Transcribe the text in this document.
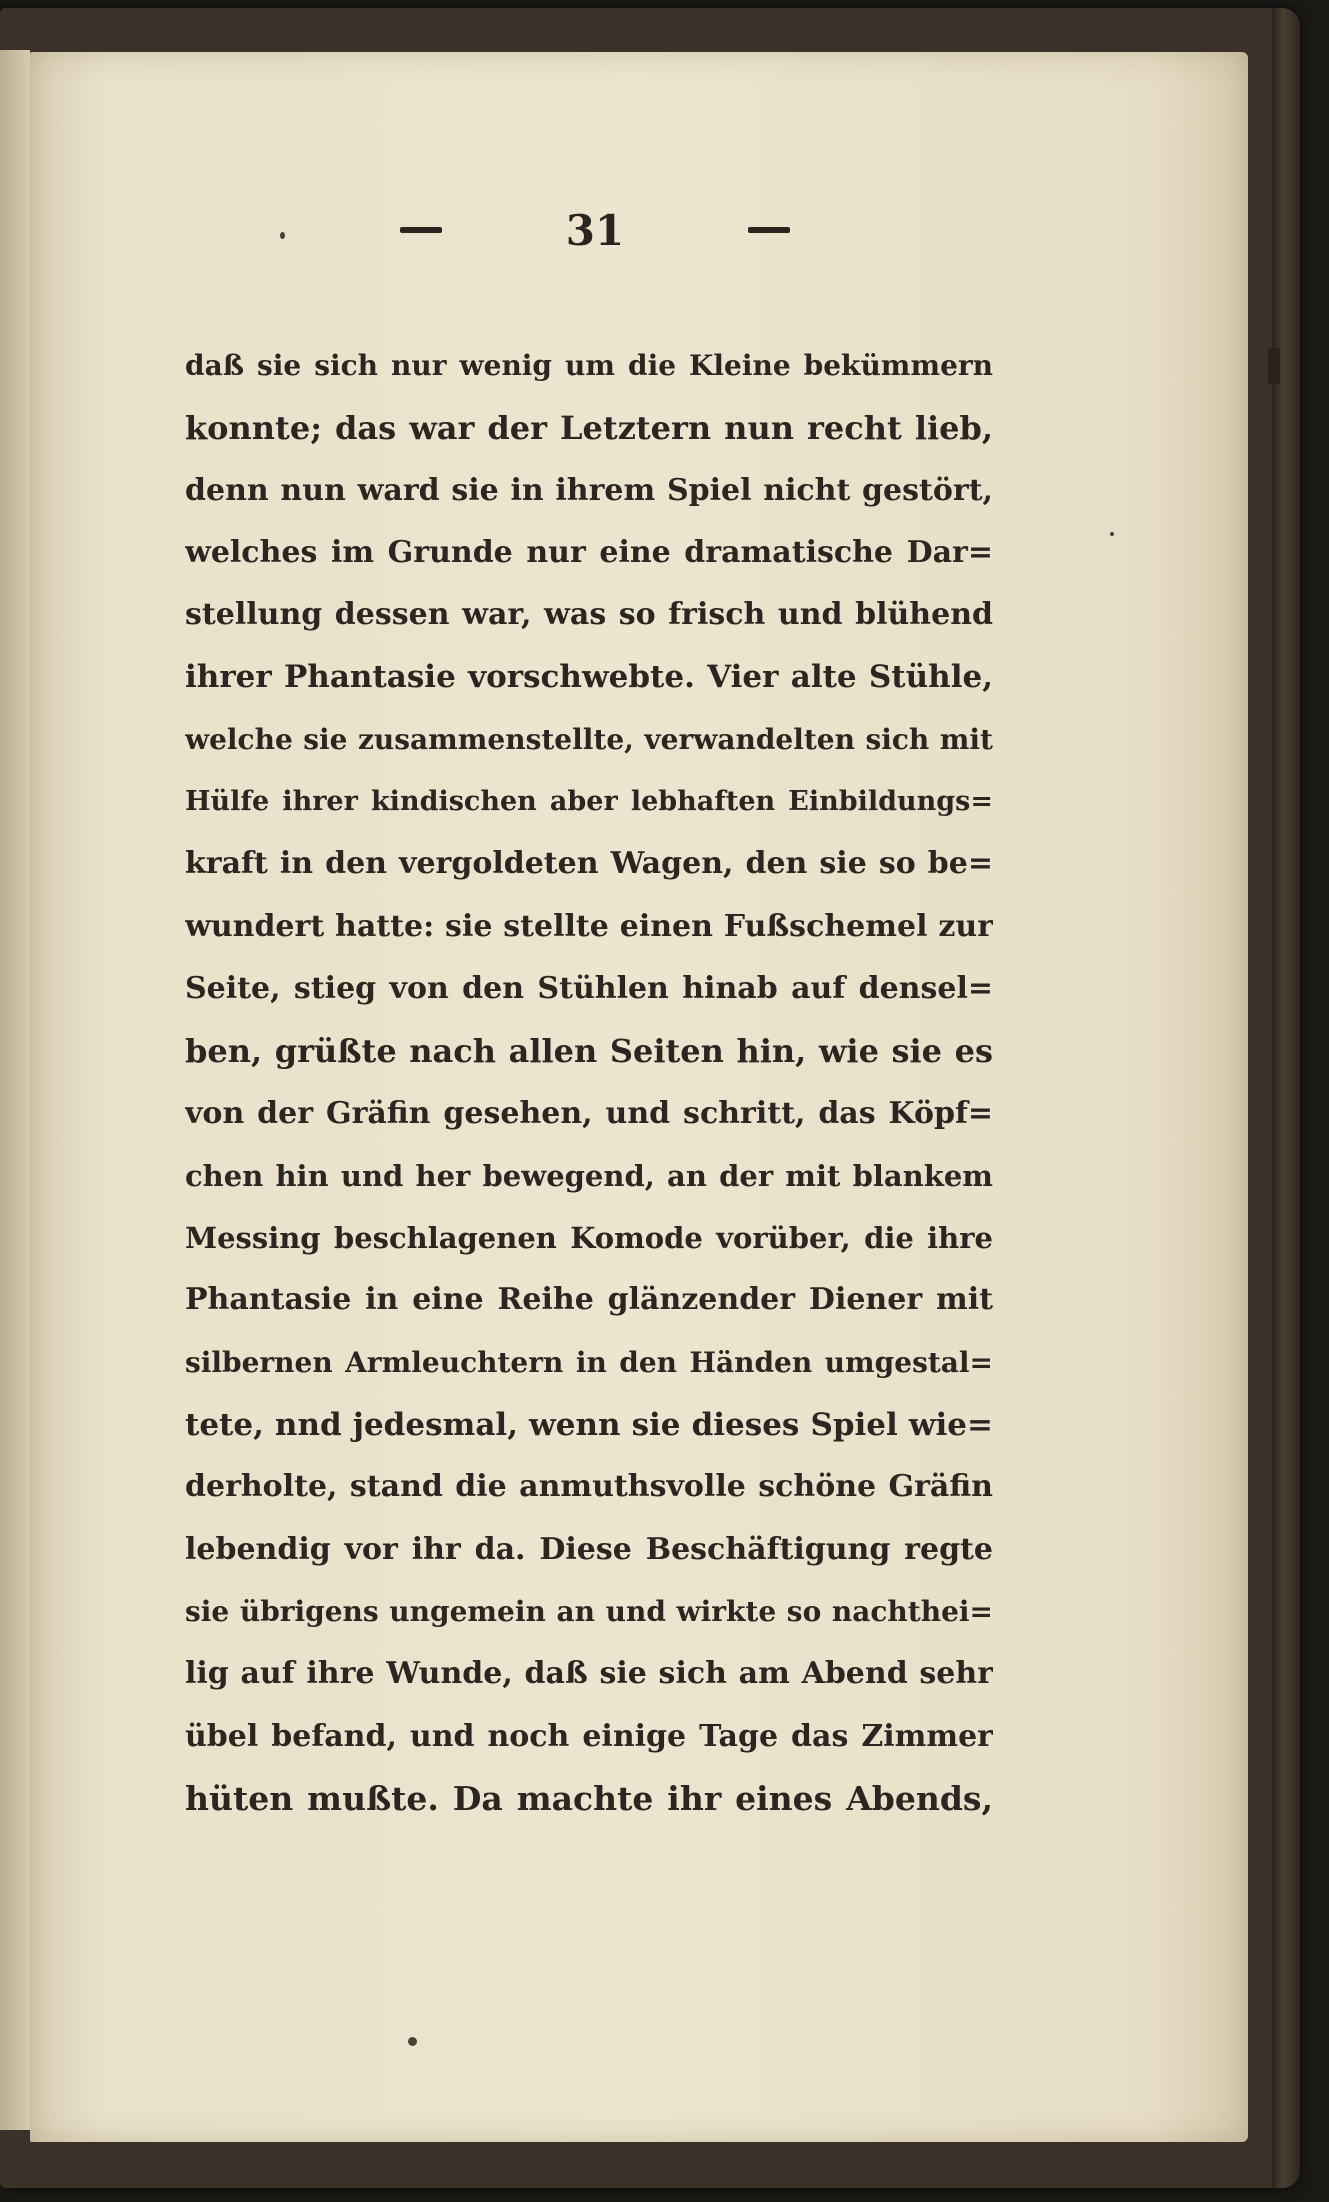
31
daß sie sich nur wenig um die Kleine bekümmern
konnte; das war der Letztern nun recht lieb,
denn nun ward sie in ihrem Spiel nicht gestört,
welches im Grunde nur eine dramatische Dar=
stellung dessen war, was so frisch und blühend
ihrer Phantasie vorschwebte. Vier alte Stühle,
welche sie zusammenstellte, verwandelten sich mit
Hülfe ihrer kindischen aber lebhaften Einbildungs=
kraft in den vergoldeten Wagen, den sie so be=
wundert hatte: sie stellte einen Fußschemel zur
Seite, stieg von den Stühlen hinab auf densel=
ben, grüßte nach allen Seiten hin, wie sie es
von der Gräfin gesehen, und schritt, das Köpf=
chen hin und her bewegend, an der mit blankem
Messing beschlagenen Komode vorüber, die ihre
Phantasie in eine Reihe glänzender Diener mit
silbernen Armleuchtern in den Händen umgestal=
tete, nnd jedesmal, wenn sie dieses Spiel wie=
derholte, stand die anmuthsvolle schöne Gräfin
lebendig vor ihr da. Diese Beschäftigung regte
sie übrigens ungemein an und wirkte so nachthei=
lig auf ihre Wunde, daß sie sich am Abend sehr
übel befand, und noch einige Tage das Zimmer
hüten mußte. Da machte ihr eines Abends,
